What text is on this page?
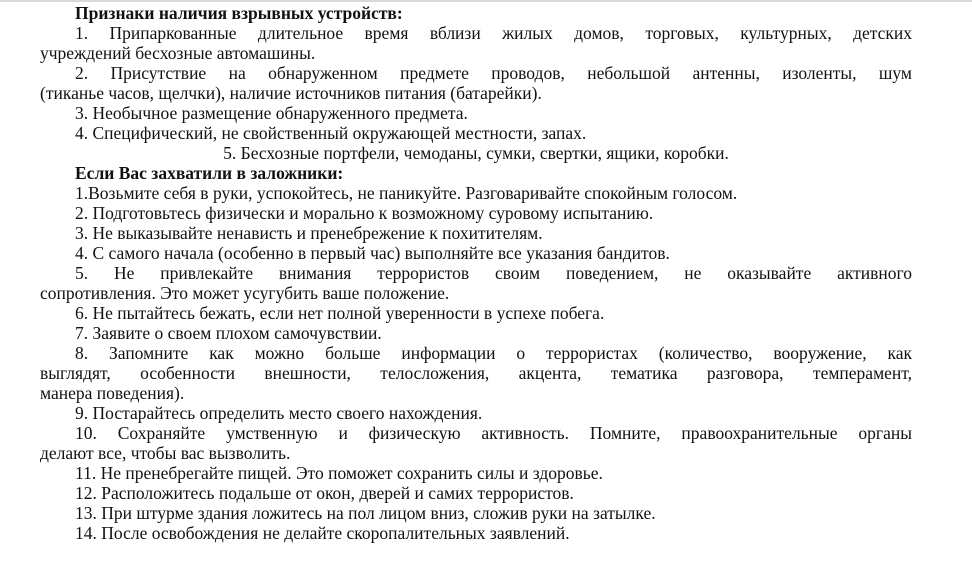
Признаки наличия взрывных устройств:
1. Припаркованные длительное время вблизи жилых домов, торговых, культурных, детских
учреждений бесхозные автомашины.
2. Присутствие на обнаруженном предмете проводов, небольшой антенны, изоленты, шум
(тиканье часов, щелчки), наличие источников питания (батарейки).
3. Необычное размещение обнаруженного предмета.
4. Специфический, не свойственный окружающей местности, запах.
5. Бесхозные портфели, чемоданы, сумки, свертки, ящики, коробки.
Если Вас захватили в заложники:
1.Возьмите себя в руки, успокойтесь, не паникуйте. Разговаривайте спокойным голосом.
2. Подготовьтесь физически и морально к возможному суровому испытанию.
3. Не выказывайте ненависть и пренебрежение к похитителям.
4. С самого начала (особенно в первый час) выполняйте все указания бандитов.
5. Не привлекайте внимания террористов своим поведением, не оказывайте активного
сопротивления. Это может усугубить ваше положение.
6. Не пытайтесь бежать, если нет полной уверенности в успехе побега.
7. Заявите о своем плохом самочувствии.
8. Запомните как можно больше информации о террористах (количество, вооружение, как
выглядят, особенности внешности, телосложения, акцента, тематика разговора, темперамент,
манера поведения).
9. Постарайтесь определить место своего нахождения.
10. Сохраняйте умственную и физическую активность. Помните, правоохранительные органы
делают все, чтобы вас вызволить.
11. Не пренебрегайте пищей. Это поможет сохранить силы и здоровье.
12. Расположитесь подальше от окон, дверей и самих террористов.
13. При штурме здания ложитесь на пол лицом вниз, сложив руки на затылке.
14. После освобождения не делайте скоропалительных заявлений.
